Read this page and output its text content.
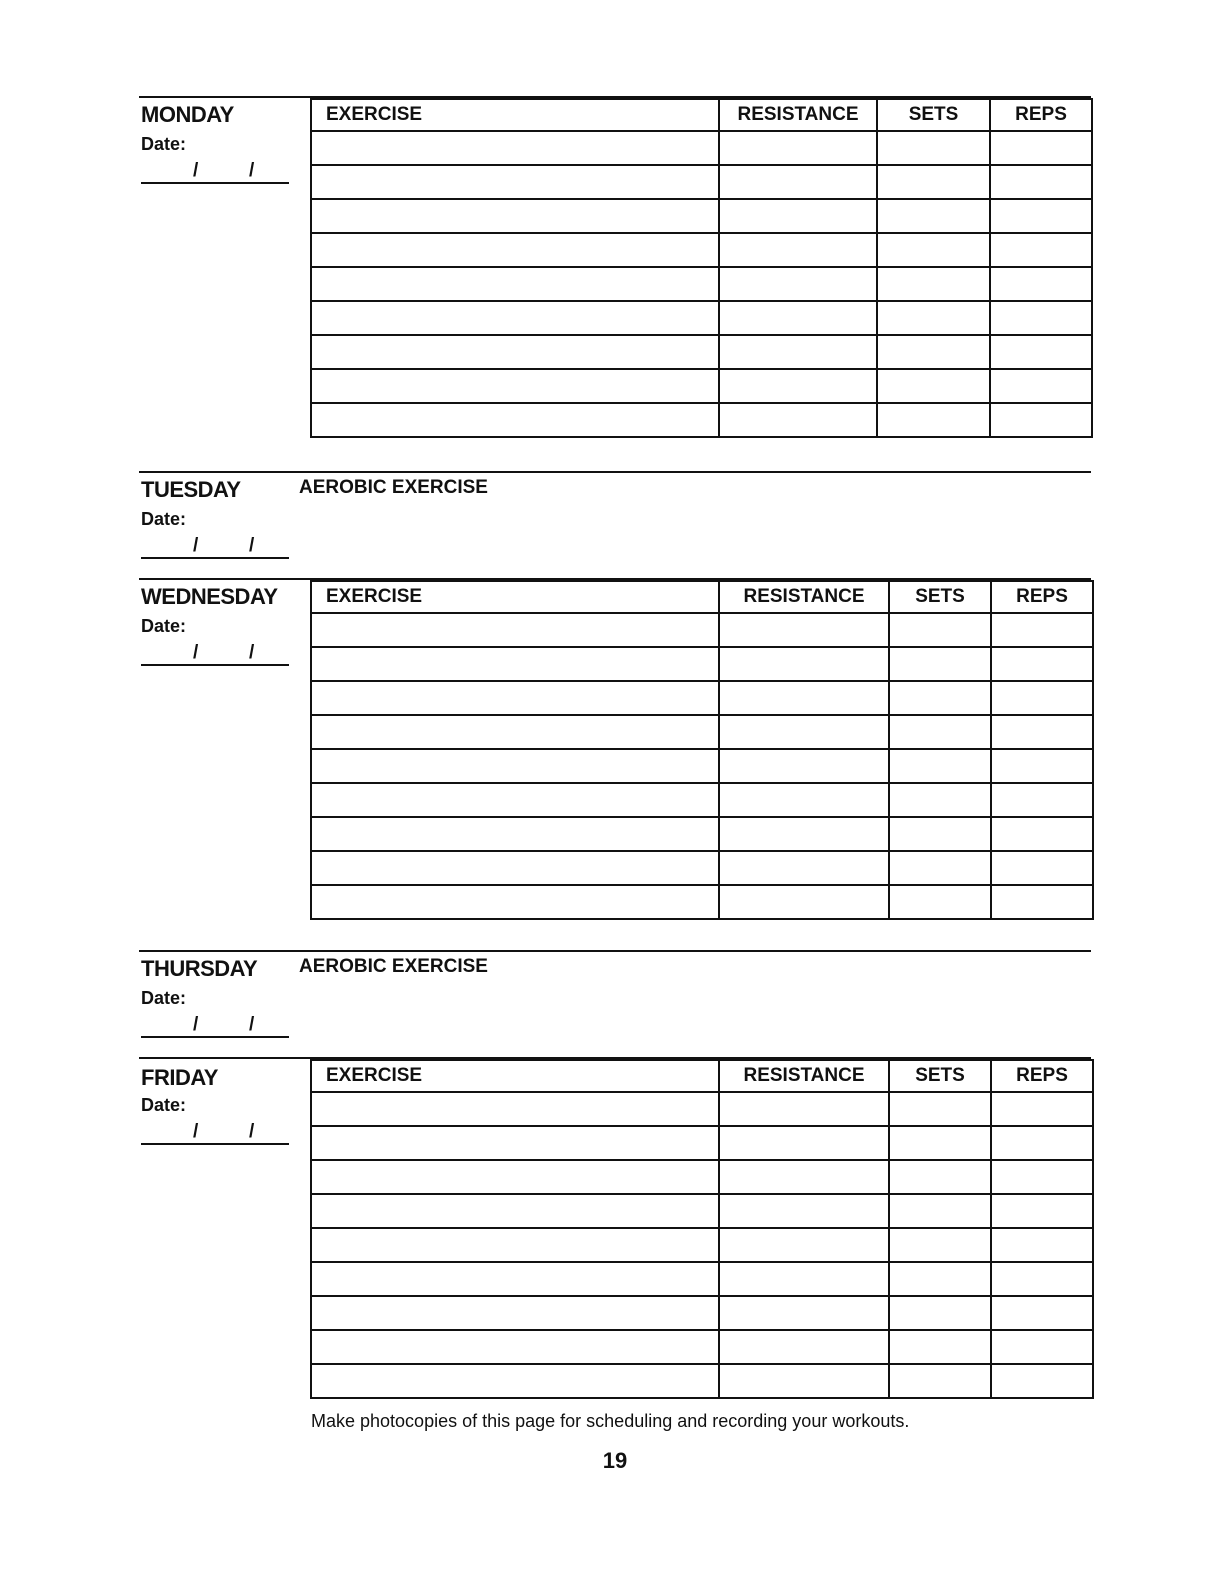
MONDAY
Date:
/	/
EXERCISE	RESISTANCE	SETS	REPS

TUESDAY	AEROBIC EXERCISE
Date:
/	/
WEDNESDAY
Date:
/	/
EXERCISE	RESISTANCE	SETS	REPS

THURSDAY AEROBIC EXERCISE
Date:
/	/
FRIDAY
Date:
/	/
EXERCISE	RESISTANCE	SETS	REPS

Make photocopies of this page for scheduling and recording your workouts.
19
